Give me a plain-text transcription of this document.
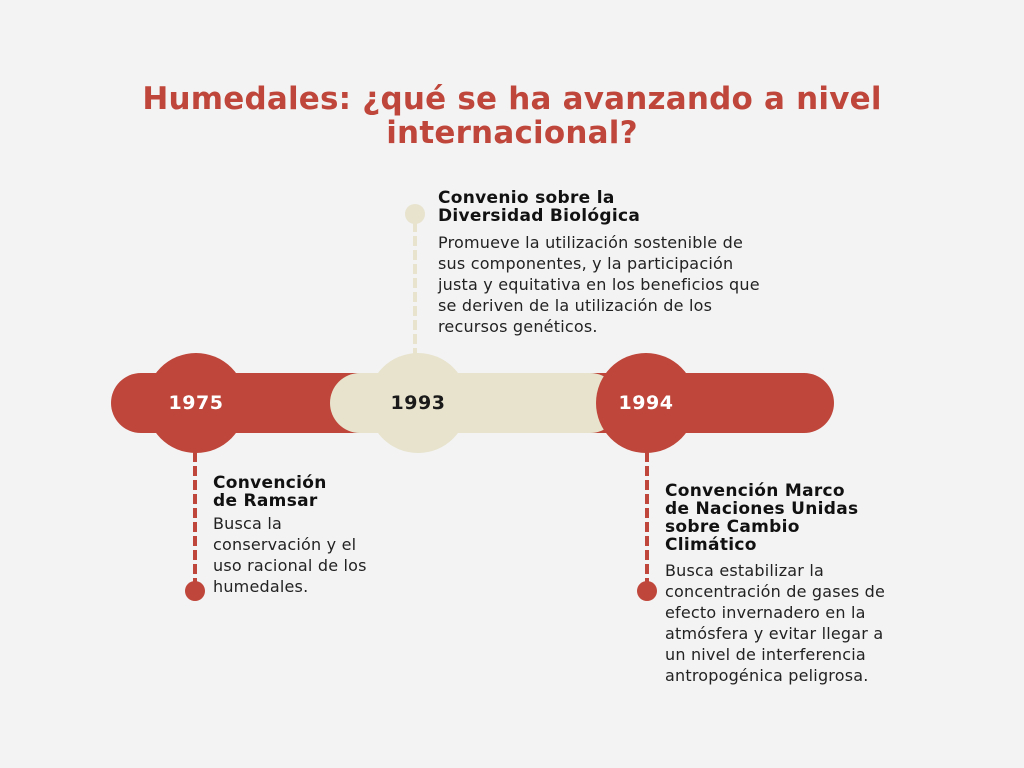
Humedales: ¿qué se ha avanzando a nivel
internacional?
1975	1993	1994
Convención
de Ramsar
Busca la
conservación y el
uso racional de los
humedales.
Convenio sobre la
Diversidad Biológica
Promueve la utilización sostenible de
sus componentes, y la participación
justa y equitativa en los beneficios que
se deriven de la utilización de los
recursos genéticos.
Convención Marco
de Naciones Unidas
sobre Cambio
Climático
Busca estabilizar la
concentración de gases de
efecto invernadero en la
atmósfera y evitar llegar a
un nivel de interferencia
antropogénica peligrosa.
